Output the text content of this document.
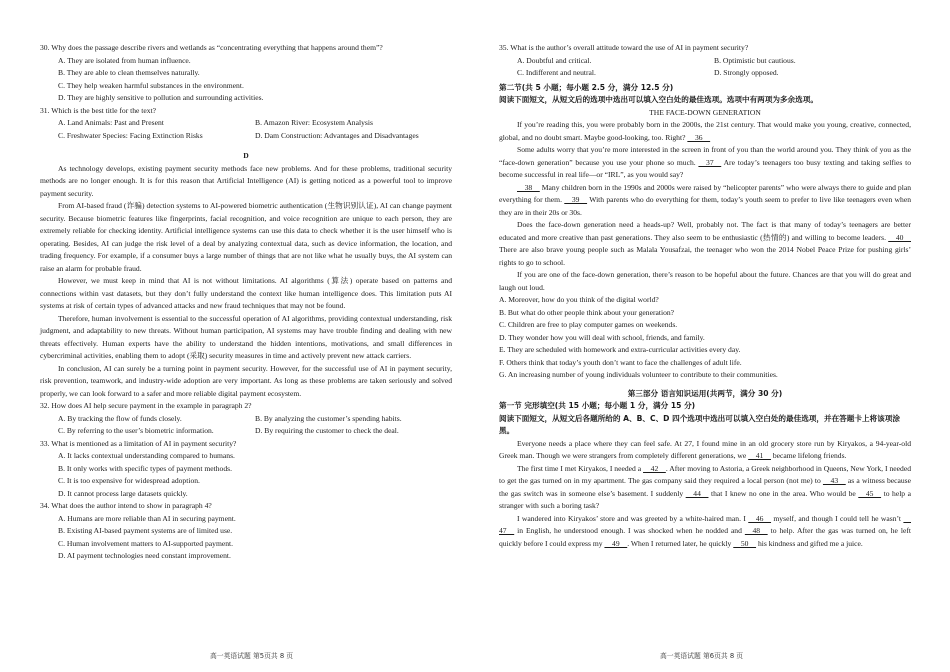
30. Why does the passage describe rivers and wetlands as “concentrating everything that happens around them”?
A. They are isolated from human influence.
B. They are able to clean themselves naturally.
C. They help weaken harmful substances in the environment.
D. They are highly sensitive to pollution and surrounding activities.
31. Which is the best title for the text?
A. Land Animals: Past and Present	B. Amazon River: Ecosystem Analysis
C. Freshwater Species: Facing Extinction Risks	D. Dam Construction: Advantages and Disadvantages
D
As technology develops, existing payment security methods face new problems. And for these problems, traditional security methods are no longer enough. It is for this reason that Artificial Intelligence (AI) is getting noticed as a powerful tool to improve payment security.
From AI-based fraud (诈骗) detection systems to AI-powered biometric authentication (生物识别认证), AI can change payment security. Because biometric features like fingerprints, facial recognition, and voice recognition are unique to each person, they are extremely reliable for checking identity. Artificial intelligence systems can use this data to check whether it is the user himself who is operating. Besides, AI can judge the risk level of a deal by analyzing contextual data, such as device information, the location, and trading frequency. For example, if a consumer buys a large number of things that are not like what he usually buys, the AI system can raise an alarm for probable fraud.
However, we must keep in mind that AI is not without limitations. AI algorithms (算法) operate based on patterns and connections within vast datasets, but they don’t fully understand the context like human intelligence does. This limitation puts AI systems at risk of certain types of advanced attacks and new fraud techniques that may not be found.
Therefore, human involvement is essential to the successful operation of AI algorithms, providing contextual understanding, risk judgment, and adaptability to new threats. Without human participation, AI systems may have trouble finding and dealing with new threats effectively. Human experts have the ability to understand the hidden intentions, motivations, and small differences in cybercriminal activities, enabling them to adopt (采取) security measures in time and actively prevent new attack carriers.
In conclusion, AI can surely be a turning point in payment security. However, for the successful use of AI in payment security, risk prevention, teamwork, and industry-wide adoption are very important. As long as these problems are taken seriously and solved properly, we can look forward to a safer and more reliable digital payment ecosystem.
32. How does AI help secure payment in the example in paragraph 2?
A. By tracking the flow of funds closely.	B. By analyzing the customer’s spending habits.
C. By referring to the user’s biometric information.	D. By requiring the customer to check the deal.
33. What is mentioned as a limitation of AI in payment security?
A. It lacks contextual understanding compared to humans.
B. It only works with specific types of payment methods.
C. It is too expensive for widespread adoption.
D. It cannot process large datasets quickly.
34. What does the author intend to show in paragraph 4?
A. Humans are more reliable than AI in securing payment.
B. Existing AI-based payment systems are of limited use.
C. Human involvement matters to AI-supported payment.
D. AI payment technologies need constant improvement.
高一英语试题 第5页共 8 页
35. What is the author’s overall attitude toward the use of AI in payment security?
A. Doubtful and critical.	B. Optimistic but cautious.
C. Indifferent and neutral.	D. Strongly opposed.
第二节(共 5 小题；每小题 2.5 分，满分 12.5 分)
阅读下面短文，从短文后的选项中选出可以填入空白处的最佳选项。选项中有两项为多余选项。
THE FACE-DOWN GENERATION
If you’re reading this, you were probably born in the 2000s, the 21st century. That would make you young, creative, connected, global, and no doubt smart. Maybe good-looking, too. Right?  36 
Some adults worry that you’re more interested in the screen in front of you than the world around you. They think of you as the “face-down generation” because you use your phone so much.  37  Are today’s teenagers too busy texting and taking selfies to become successful in real life—or “IRL”, as you would say?
 38  Many children born in the 1990s and 2000s were raised by “helicopter parents” who were always there to guide and plan everything for them.  39  With parents who do everything for them, today’s youth seem to prefer to live like teenagers even when they are in their 20s or 30s.
Does the face-down generation need a heads-up? Well, probably not. The fact is that many of today’s teenagers are better educated and more creative than past generations. They also seem to be enthusiastic (热情的) and willing to become leaders.  40  There are also brave young people such as Malala Yousafzai, the teenager who won the 2014 Nobel Peace Prize for pushing girls’ rights to go to school.
If you are one of the face-down generation, there’s reason to be hopeful about the future. Chances are that you will do great and laugh out loud.
A. Moreover, how do you think of the digital world?
B. But what do other people think about your generation?
C. Children are free to play computer games on weekends.
D. They wonder how you will deal with school, friends, and family.
E. They are scheduled with homework and extra-curricular activities every day.
F. Others think that today’s youth don’t want to face the challenges of adult life.
G. An increasing number of young individuals volunteer to contribute to their communities.
第三部分 语言知识运用(共两节，满分 30 分)
第一节 完形填空(共 15 小题；每小题 1 分，满分 15 分)
阅读下面短文，从短文后各题所给的 A、B、C、D 四个选项中选出可以填入空白处的最佳选项，并在答题卡上将该项涂黑。
Everyone needs a place where they can feel safe. At 27, I found mine in an old grocery store run by Kiryakos, a 94-year-old Greek man. Though we were strangers from completely different generations, we  41  became lifelong friends.
The first time I met Kiryakos, I needed a  42 . After moving to Astoria, a Greek neighborhood in Queens, New York, I needed to get the gas turned on in my apartment. The gas company said they required a local person (not me) to  43  as a witness because the gas switch was in someone else’s basement. I suddenly  44  that I knew no one in the area. Who would be  45  to help a stranger with such a boring task?
I wandered into Kiryakos’ store and was greeted by a white-haired man. I  46  myself, and though I could tell he wasn’t  47  in English, he understood enough. I was shocked when he nodded and  48  to help. After the gas was turned on, he left quickly before I could express my  49 . When I returned later, he quickly  50  his kindness and gifted me a juice.
高一英语试题 第6页共 8 页
